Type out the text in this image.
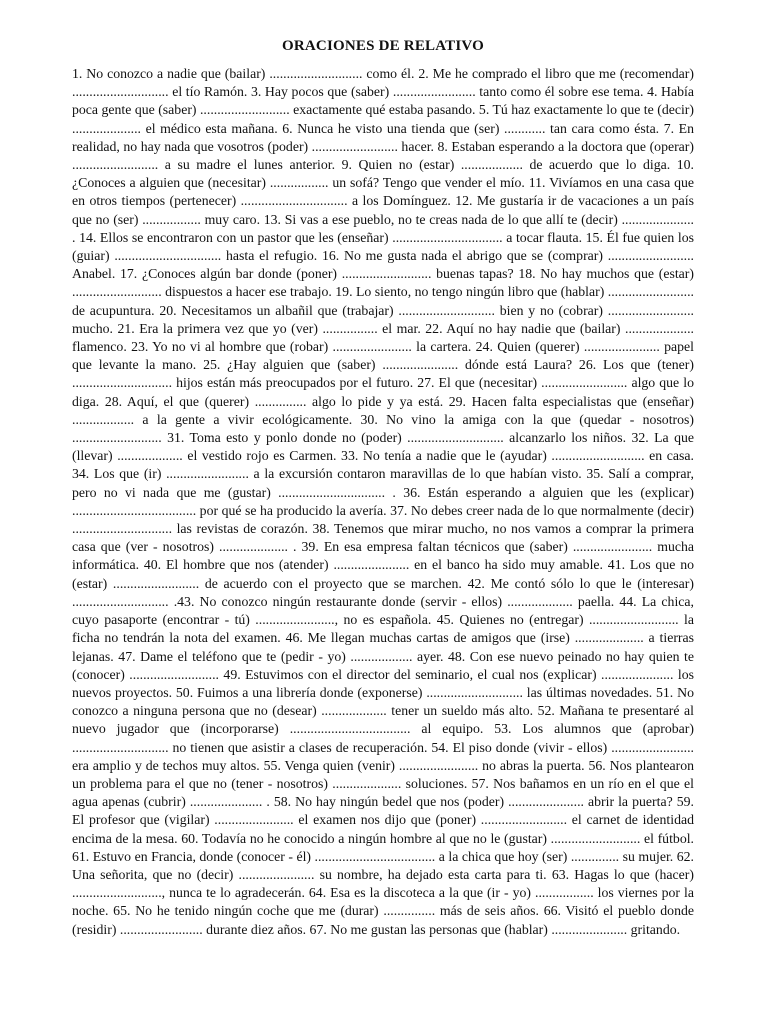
ORACIONES DE RELATIVO

1. No conozco a nadie que (bailar) ........................... como él. 2. Me he comprado el libro que me (recomendar) ............................ el tío Ramón. 3. Hay pocos que (saber) ........................ tanto como él sobre ese tema. 4. Había poca gente que (saber) .......................... exactamente qué estaba pasando. 5. Tú haz exactamente lo que te (decir) .................... el médico esta mañana. 6. Nunca he visto una tienda que (ser) ............ tan cara como ésta. 7. En realidad, no hay nada que vosotros (poder) ......................... hacer. 8. Estaban esperando a la doctora que (operar) ......................... a su madre el lunes anterior. 9. Quien no (estar) .................. de acuerdo que lo diga. 10. ¿Conoces a alguien que (necesitar) ................. un sofá? Tengo que vender el mío. 11. Vivíamos en una casa que en otros tiempos (pertenecer) ............................... a los Domínguez. 12. Me gustaría ir de vacaciones a un país que no (ser) ................. muy caro. 13. Si vas a ese pueblo, no te creas nada de lo que allí te (decir) ..................... . 14. Ellos se encontraron con un pastor que les (enseñar) ................................ a tocar flauta. 15. Él fue quien los (guiar) ............................... hasta el refugio. 16. No me gusta nada el abrigo que se (comprar) ......................... Anabel. 17. ¿Conoces algún bar donde (poner) .......................... buenas tapas? 18. No hay muchos que (estar) .......................... dispuestos a hacer ese trabajo. 19. Lo siento, no tengo ningún libro que (hablar) ......................... de acupuntura. 20. Necesitamos un albañil que (trabajar) ............................ bien y no (cobrar) ......................... mucho. 21. Era la primera vez que yo (ver) ................ el mar. 22. Aquí no hay nadie que (bailar) .................... flamenco. 23. Yo no vi al hombre que (robar) ....................... la cartera. 24. Quien (querer) ...................... papel que levante la mano. 25. ¿Hay alguien que (saber) ...................... dónde está Laura? 26. Los que (tener) ............................. hijos están más preocupados por el futuro. 27. El que (necesitar) ......................... algo que lo diga. 28. Aquí, el que (querer) ............... algo lo pide y ya está. 29. Hacen falta especialistas que (enseñar) .................. a la gente a vivir ecológicamente. 30. No vino la amiga con la que (quedar - nosotros) .......................... 31. Toma esto y ponlo donde no (poder) ............................ alcanzarlo los niños. 32. La que (llevar) ................... el vestido rojo es Carmen. 33. No tenía a nadie que le (ayudar) ........................... en casa. 34. Los que (ir) ........................ a la excursión contaron maravillas de lo que habían visto. 35. Salí a comprar, pero no vi nada que me (gustar) ............................... . 36. Están esperando a alguien que les (explicar) .................................... por qué se ha producido la avería. 37. No debes creer nada de lo que normalmente (decir) ............................. las revistas de corazón. 38. Tenemos que mirar mucho, no nos vamos a comprar la primera casa que (ver - nosotros) .................... . 39. En esa empresa faltan técnicos que (saber) ....................... mucha informática. 40. El hombre que nos (atender) ...................... en el banco ha sido muy amable. 41. Los que no (estar) ......................... de acuerdo con el proyecto que se marchen. 42. Me contó sólo lo que le (interesar) ............................ .43. No conozco ningún restaurante donde (servir - ellos) ................... paella. 44. La chica, cuyo pasaporte (encontrar - tú) ......................., no es española. 45. Quienes no (entregar) .......................... la ficha no tendrán la nota del examen. 46. Me llegan muchas cartas de amigos que (irse) .................... a tierras lejanas. 47. Dame el teléfono que te (pedir - yo) .................. ayer. 48. Con ese nuevo peinado no hay quien te (conocer) .......................... 49. Estuvimos con el director del seminario, el cual nos (explicar) ..................... los nuevos proyectos. 50. Fuimos a una librería donde (exponerse) ............................ las últimas novedades. 51. No conozco a ninguna persona que no (desear) ................... tener un sueldo más alto. 52. Mañana te presentaré al nuevo jugador que (incorporarse) ................................... al equipo. 53. Los alumnos que (aprobar) ............................ no tienen que asistir a clases de recuperación. 54. El piso donde (vivir - ellos) ........................ era amplio y de techos muy altos. 55. Venga quien (venir) ....................... no abras la puerta. 56. Nos plantearon un problema para el que no (tener - nosotros) .................... soluciones. 57. Nos bañamos en un río en el que el agua apenas (cubrir) ..................... . 58. No hay ningún bedel que nos (poder) ...................... abrir la puerta? 59. El profesor que (vigilar) ....................... el examen nos dijo que (poner) ......................... el carnet de identidad encima de la mesa. 60. Todavía no he conocido a ningún hombre al que no le (gustar) .......................... el fútbol. 61. Estuvo en Francia, donde (conocer - él) ................................... a la chica que hoy (ser) .............. su mujer. 62. Una señorita, que no (decir) ...................... su nombre, ha dejado esta carta para ti. 63. Hagas lo que (hacer) .........................., nunca te lo agradecerán. 64. Esa es la discoteca a la que (ir - yo) ................. los viernes por la noche. 65. No he tenido ningún coche que me (durar) ............... más de seis años. 66. Visitó el pueblo donde (residir) ........................ durante diez años. 67. No me gustan las personas que (hablar) ...................... gritando.
